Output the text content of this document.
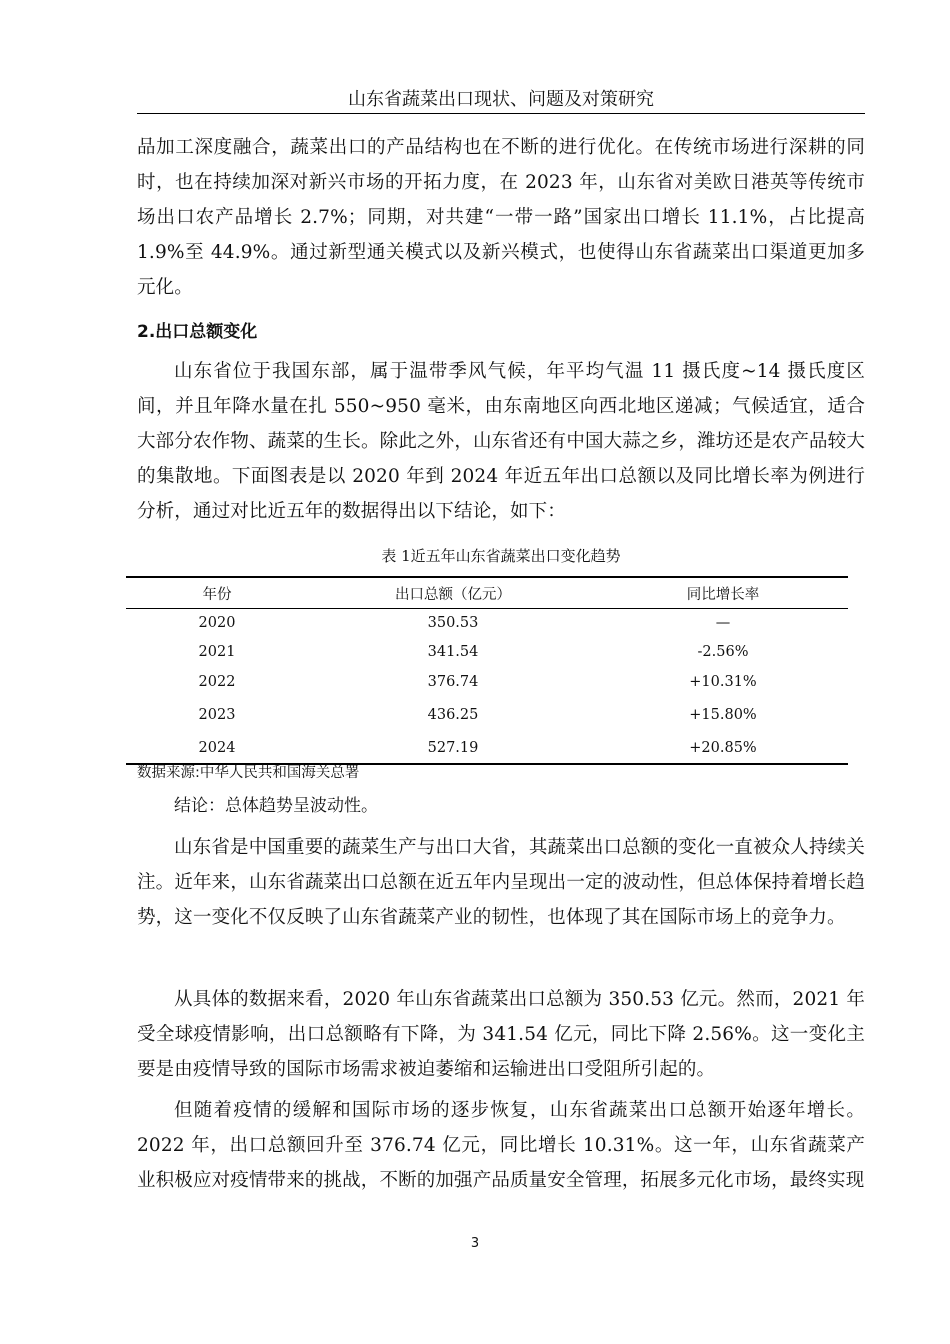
山东省蔬菜出口现状、问题及对策研究

品加工深度融合，蔬菜出口的产品结构也在不断的进行优化。在传统市场进行深耕的同时，也在持续加深对新兴市场的开拓力度，在 2023 年，山东省对美欧日港英等传统市场出口农产品增长 2.7%；同期，对共建“一带一路”国家出口增长 11.1%，占比提高 1.9%至 44.9%。通过新型通关模式以及新兴模式，也使得山东省蔬菜出口渠道更加多元化。

2.出口总额变化

山东省位于我国东部，属于温带季风气候，年平均气温 11 摄氏度~14 摄氏度区间，并且年降水量在扎 550~950 毫米，由东南地区向西北地区递减；气候适宜，适合大部分农作物、蔬菜的生长。除此之外，山东省还有中国大蒜之乡，潍坊还是农产品较大的集散地。下面图表是以 2020 年到 2024 年近五年出口总额以及同比增长率为例进行分析，通过对比近五年的数据得出以下结论，如下：

表 1近五年山东省蔬菜出口变化趋势

年份	出口总额（亿元）	同比增长率
2020	350.53	—
2021	341.54	-2.56%
2022	376.74	+10.31%
2023	436.25	+15.80%
2024	527.19	+20.85%

数据来源:中华人民共和国海关总署

结论：总体趋势呈波动性。

山东省是中国重要的蔬菜生产与出口大省，其蔬菜出口总额的变化一直被众人持续关注。近年来，山东省蔬菜出口总额在近五年内呈现出一定的波动性，但总体保持着增长趋势，这一变化不仅反映了山东省蔬菜产业的韧性，也体现了其在国际市场上的竞争力。

从具体的数据来看，2020 年山东省蔬菜出口总额为 350.53 亿元。然而，2021 年受全球疫情影响，出口总额略有下降，为 341.54 亿元，同比下降 2.56%。这一变化主要是由疫情导致的国际市场需求被迫萎缩和运输进出口受阻所引起的。

但随着疫情的缓解和国际市场的逐步恢复，山东省蔬菜出口总额开始逐年增长。2022 年，出口总额回升至 376.74 亿元，同比增长 10.31%。这一年，山东省蔬菜产业积极应对疫情带来的挑战，不断的加强产品质量安全管理，拓展多元化市场，最终实现

3
